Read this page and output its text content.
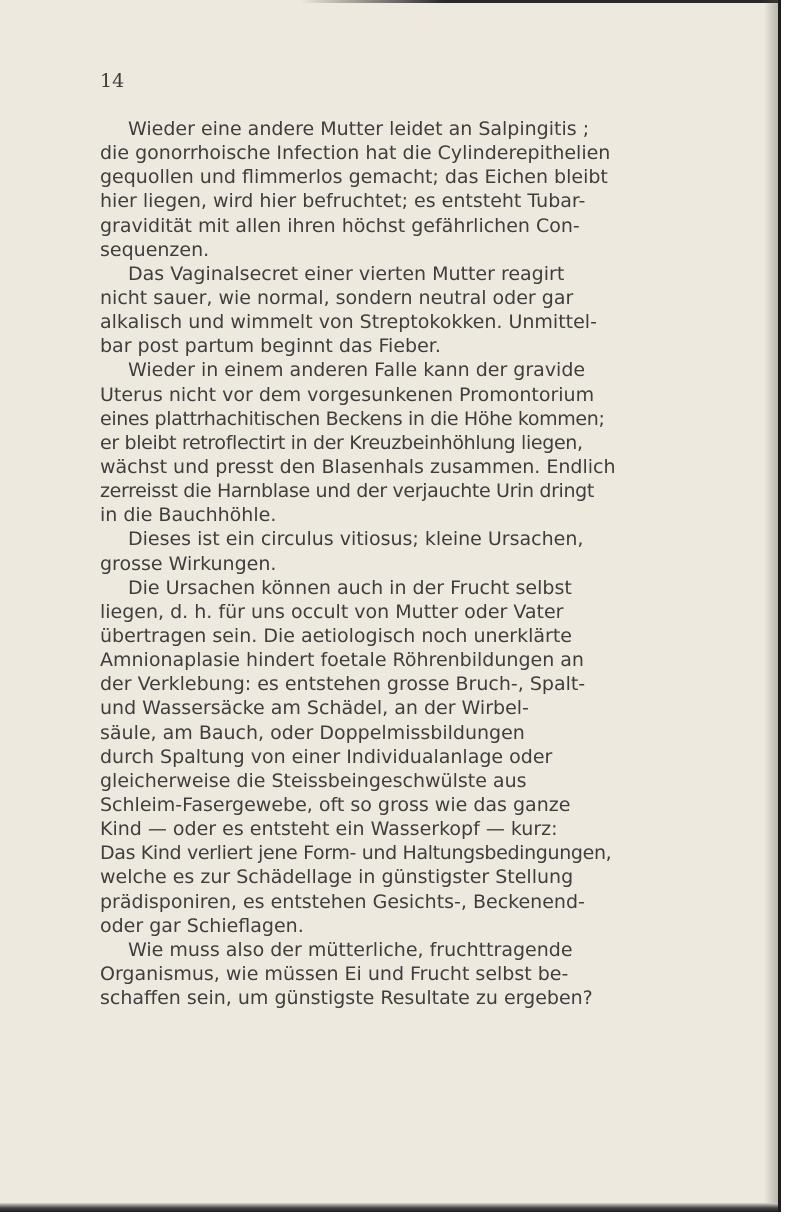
14
Wieder eine andere Mutter leidet an Salpingitis ;
die gonorrhoische Infection hat die Cylinderepithelien
gequollen und flimmerlos gemacht; das Eichen bleibt
hier liegen, wird hier befruchtet; es entsteht Tubar-
gravidität mit allen ihren höchst gefährlichen Con-
sequenzen.
Das Vaginalsecret einer vierten Mutter reagirt
nicht sauer, wie normal, sondern neutral oder gar
alkalisch und wimmelt von Streptokokken. Unmittel-
bar post partum beginnt das Fieber.
Wieder in einem anderen Falle kann der gravide
Uterus nicht vor dem vorgesunkenen Promontorium
eines plattrhachitischen Beckens in die Höhe kommen;
er bleibt retroflectirt in der Kreuzbeinhöhlung liegen,
wächst und presst den Blasenhals zusammen. Endlich
zerreisst die Harnblase und der verjauchte Urin dringt
in die Bauchhöhle.
Dieses ist ein circulus vitiosus; kleine Ursachen,
grosse Wirkungen.
Die Ursachen können auch in der Frucht selbst
liegen, d. h. für uns occult von Mutter oder Vater
übertragen sein. Die aetiologisch noch unerklärte
Amnionaplasie hindert foetale Röhrenbildungen an
der Verklebung: es entstehen grosse Bruch-, Spalt-
und Wassersäcke am Schädel, an der Wirbel-
säule, am Bauch, oder Doppelmissbildungen
durch Spaltung von einer Individualanlage oder
gleicherweise die Steissbeingeschwülste aus
Schleim-Fasergewebe, oft so gross wie das ganze
Kind — oder es entsteht ein Wasserkopf — kurz:
Das Kind verliert jene Form- und Haltungsbedingungen,
welche es zur Schädellage in günstigster Stellung
prädisponiren, es entstehen Gesichts-, Beckenend-
oder gar Schieflagen.
Wie muss also der mütterliche, fruchttragende
Organismus, wie müssen Ei und Frucht selbst be-
schaffen sein, um günstigste Resultate zu ergeben?
